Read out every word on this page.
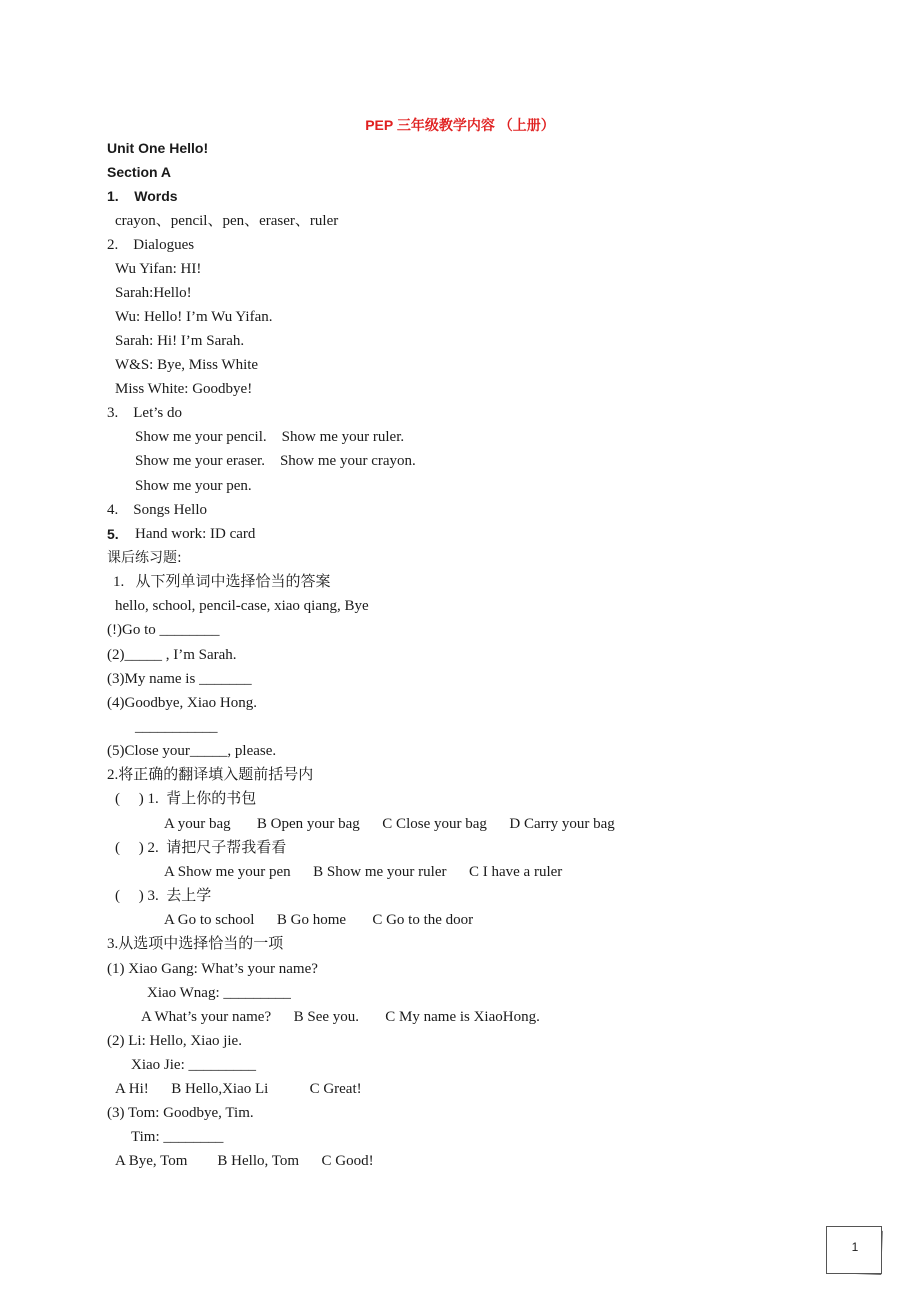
PEP 三年级教学内容 （上册）
Unit One Hello!
Section A
1.    Words
crayon、pencil、pen、eraser、ruler
2.    Dialogues
Wu Yifan: HI!
Sarah:Hello!
Wu: Hello! I’m Wu Yifan.
Sarah: Hi! I’m Sarah.
W&S: Bye, Miss White
Miss White: Goodbye!
3.    Let’s do
Show me your pencil.    Show me your ruler.
Show me your eraser.    Show me your crayon.
Show me your pen.
4.    Songs Hello
5. Hand work: ID card
课后练习题:
1.   从下列单词中选择恰当的答案
hello, school, pencil-case, xiao qiang, Bye
(!)Go to ________
(2)_____ , I’m Sarah.
(3)My name is _______
(4)Goodbye, Xiao Hong.
___________
(5)Close your_____, please.
2.将正确的翻译填入题前括号内
(     ) 1.  背上你的书包
A your bag       B Open your bag      C Close your bag      D Carry your bag
(     ) 2.  请把尺子帮我看看
A Show me your pen      B Show me your ruler      C I have a ruler
(     ) 3.  去上学
A Go to school      B Go home       C Go to the door
3.从选项中选择恰当的一项
(1) Xiao Gang: What’s your name?
Xiao Wnag: _________
A What’s your name?      B See you.       C My name is XiaoHong.
(2) Li: Hello, Xiao jie.
Xiao Jie: _________
A Hi!      B Hello,Xiao Li           C Great!
(3) Tom: Goodbye, Tim.
Tim: ________
A Bye, Tom        B Hello, Tom      C Good!
1
